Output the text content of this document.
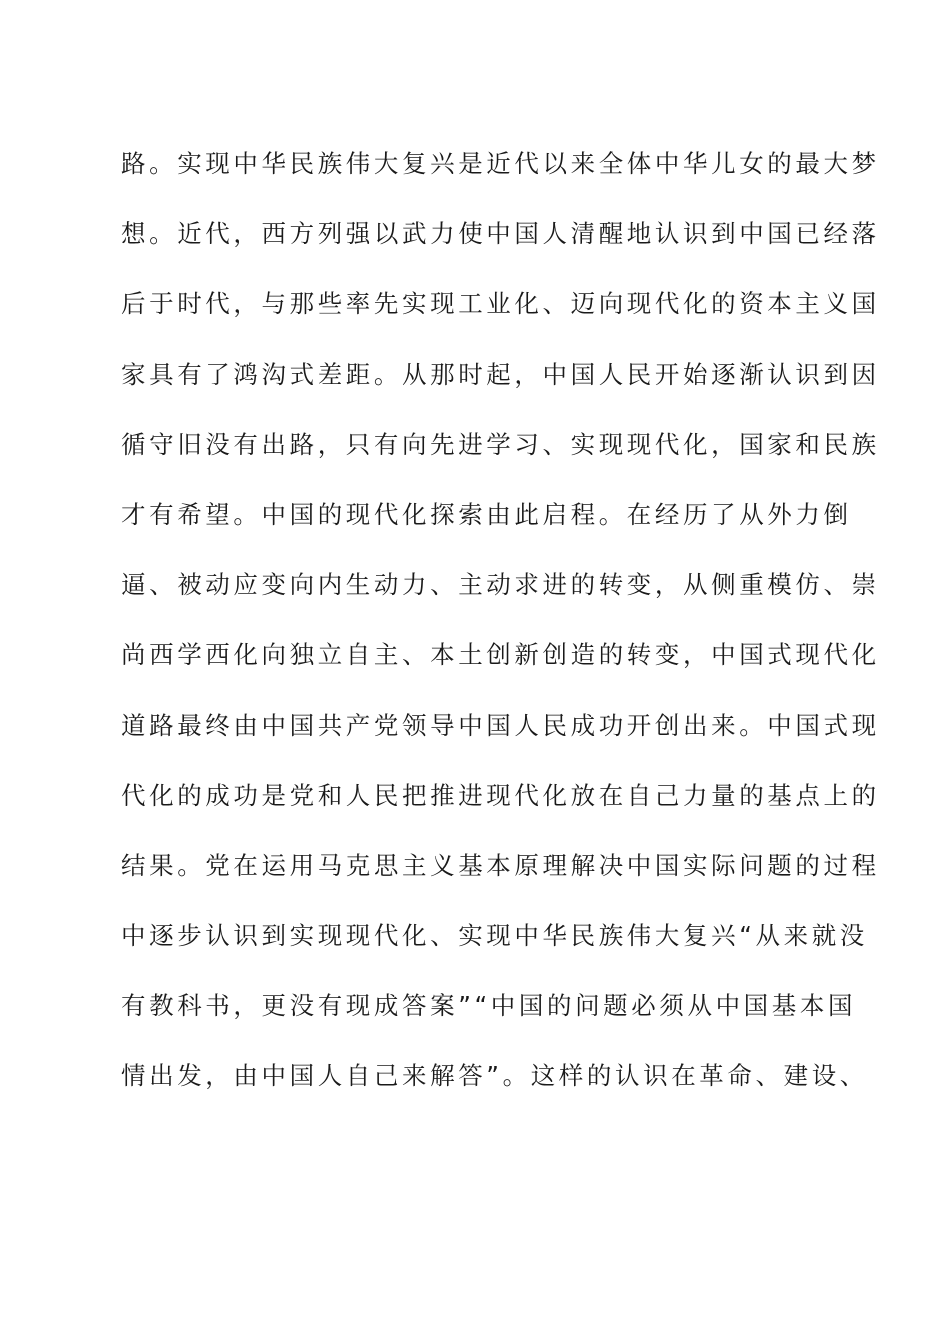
路。实现中华民族伟大复兴是近代以来全体中华儿女的最大梦
想。近代，西方列强以武力使中国人清醒地认识到中国已经落
后于时代，与那些率先实现工业化、迈向现代化的资本主义国
家具有了鸿沟式差距。从那时起，中国人民开始逐渐认识到因
循守旧没有出路，只有向先进学习、实现现代化，国家和民族
才有希望。中国的现代化探索由此启程。在经历了从外力倒
逼、被动应变向内生动力、主动求进的转变，从侧重模仿、崇
尚西学西化向独立自主、本土创新创造的转变，中国式现代化
道路最终由中国共产党领导中国人民成功开创出来。中国式现
代化的成功是党和人民把推进现代化放在自己力量的基点上的
结果。党在运用马克思主义基本原理解决中国实际问题的过程
中逐步认识到实现现代化、实现中华民族伟大复兴“从来就没
有教科书，更没有现成答案”“中国的问题必须从中国基本国
情出发，由中国人自己来解答”。这样的认识在革命、建设、
